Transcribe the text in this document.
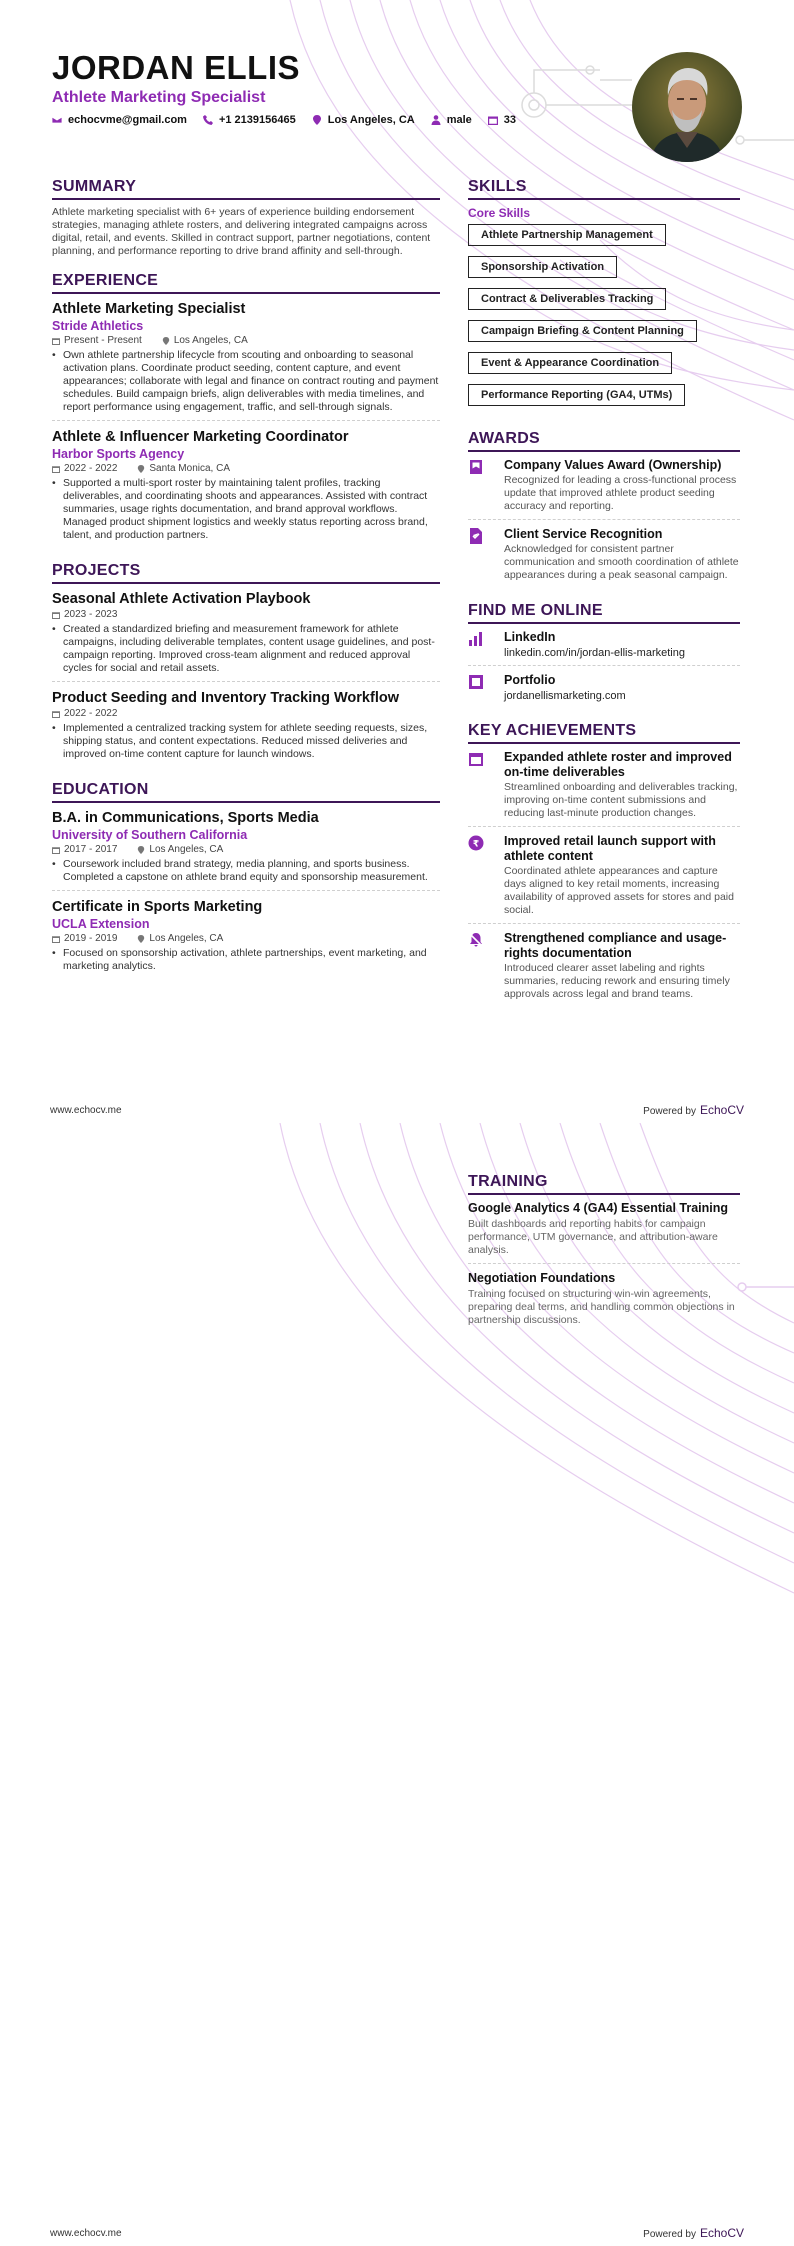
JORDAN ELLIS
Athlete Marketing Specialist
echocvme@gmail.com	+1 2139156465	Los Angeles, CA	male	33
SUMMARY
Athlete marketing specialist with 6+ years of experience building endorsement strategies, managing athlete rosters, and delivering integrated campaigns across digital, retail, and events. Skilled in contract support, partner negotiations, content planning, and performance reporting to drive brand affinity and sell-through.
EXPERIENCE
Athlete Marketing Specialist
Stride Athletics
Present - Present	Los Angeles, CA
• Own athlete partnership lifecycle from scouting and onboarding to seasonal activation plans. Coordinate product seeding, content capture, and event appearances; collaborate with legal and finance on contract routing and payment schedules. Build campaign briefs, align deliverables with media timelines, and report performance using engagement, traffic, and sell-through signals.
Athlete & Influencer Marketing Coordinator
Harbor Sports Agency
2022 - 2022	Santa Monica, CA
• Supported a multi-sport roster by maintaining talent profiles, tracking deliverables, and coordinating shoots and appearances. Assisted with contract summaries, usage rights documentation, and brand approval workflows. Managed product shipment logistics and weekly status reporting across brand, talent, and production partners.
PROJECTS
Seasonal Athlete Activation Playbook
2023 - 2023
• Created a standardized briefing and measurement framework for athlete campaigns, including deliverable templates, content usage guidelines, and post-campaign reporting. Improved cross-team alignment and reduced approval cycles for social and retail assets.
Product Seeding and Inventory Tracking Workflow
2022 - 2022
• Implemented a centralized tracking system for athlete seeding requests, sizes, shipping status, and content expectations. Reduced missed deliveries and improved on-time content capture for launch windows.
EDUCATION
B.A. in Communications, Sports Media
University of Southern California
2017 - 2017	Los Angeles, CA
• Coursework included brand strategy, media planning, and sports business. Completed a capstone on athlete brand equity and sponsorship measurement.
Certificate in Sports Marketing
UCLA Extension
2019 - 2019	Los Angeles, CA
• Focused on sponsorship activation, athlete partnerships, event marketing, and marketing analytics.
SKILLS
Core Skills
Athlete Partnership Management
Sponsorship Activation
Contract & Deliverables Tracking
Campaign Briefing & Content Planning
Event & Appearance Coordination
Performance Reporting (GA4, UTMs)
AWARDS
Company Values Award (Ownership)
Recognized for leading a cross-functional process update that improved athlete product seeding accuracy and reporting.
Client Service Recognition
Acknowledged for consistent partner communication and smooth coordination of athlete appearances during a peak seasonal campaign.
FIND ME ONLINE
LinkedIn
linkedin.com/in/jordan-ellis-marketing
Portfolio
jordanellismarketing.com
KEY ACHIEVEMENTS
Expanded athlete roster and improved on-time deliverables
Streamlined onboarding and deliverables tracking, improving on-time content submissions and reducing last-minute production changes.
₹ Improved retail launch support with athlete content
Coordinated athlete appearances and capture days aligned to key retail moments, increasing availability of approved assets for stores and paid social.
Strengthened compliance and usage-rights documentation
Introduced clearer asset labeling and rights summaries, reducing rework and ensuring timely approvals across legal and brand teams.
www.echocv.me	Powered by EchoCV
TRAINING
Google Analytics 4 (GA4) Essential Training
Built dashboards and reporting habits for campaign performance, UTM governance, and attribution-aware analysis.
Negotiation Foundations
Training focused on structuring win-win agreements, preparing deal terms, and handling common objections in partnership discussions.
www.echocv.me	Powered by EchoCV
